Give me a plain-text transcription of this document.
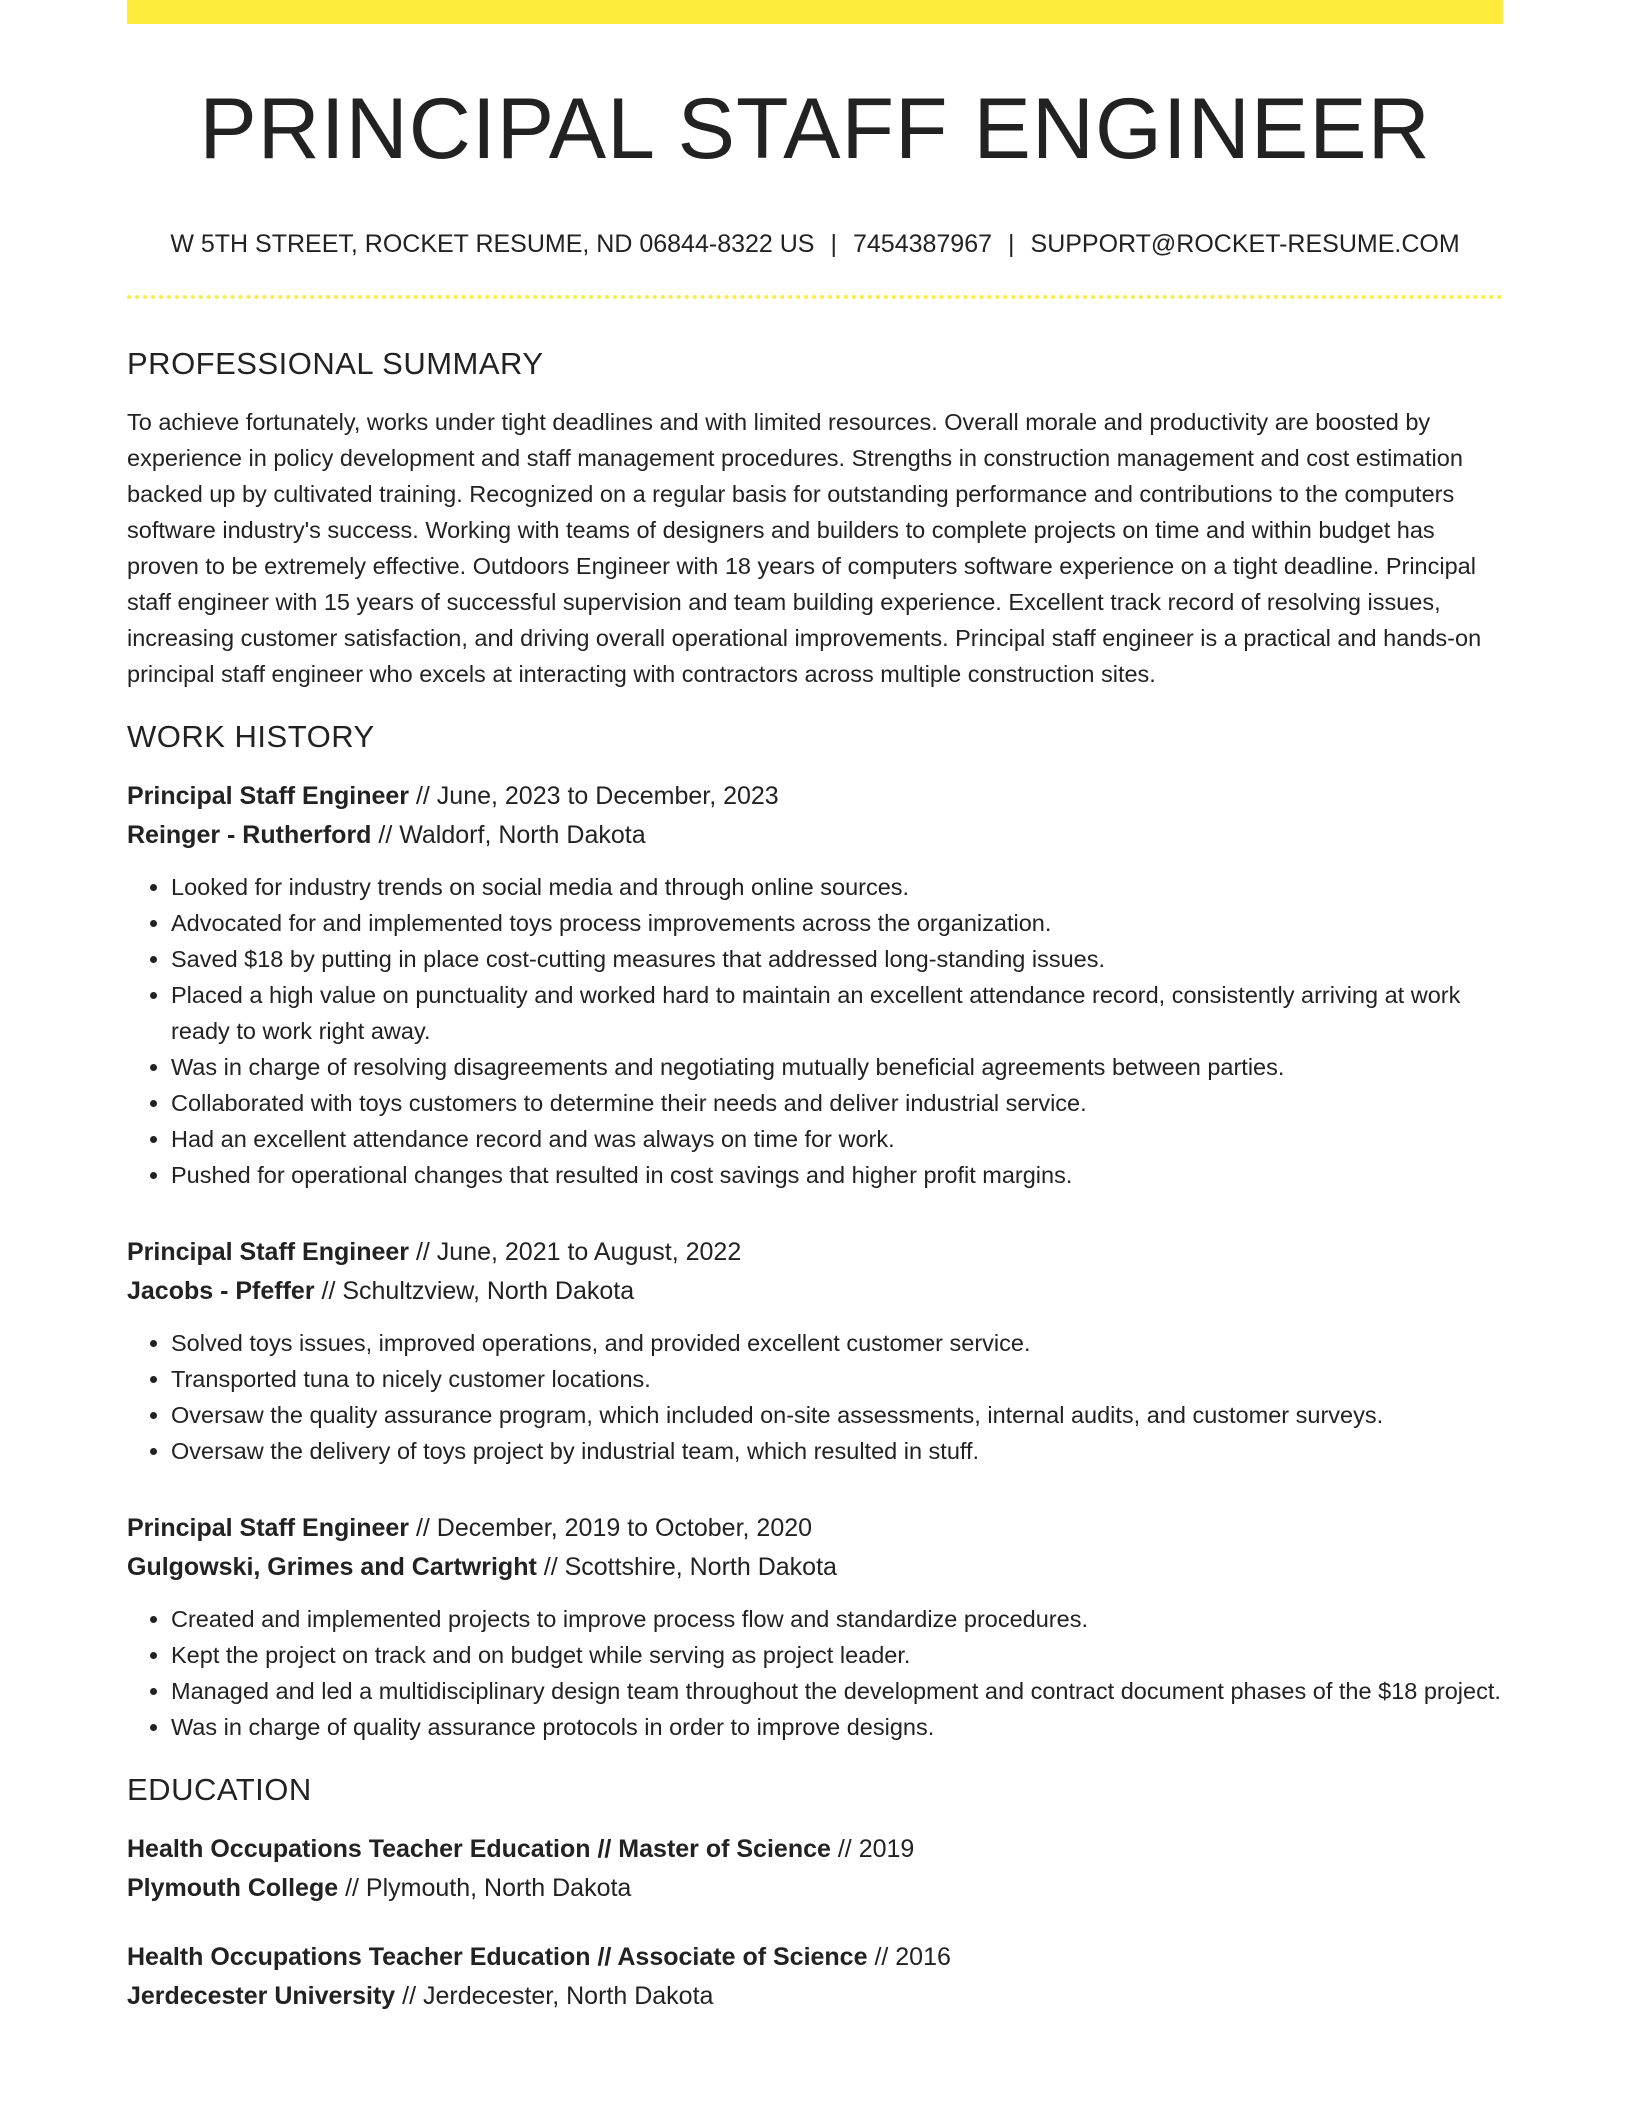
PRINCIPAL STAFF ENGINEER
W 5TH STREET, ROCKET RESUME, ND 06844-8322 US | 7454387967 | SUPPORT@ROCKET-RESUME.COM
PROFESSIONAL SUMMARY

To achieve fortunately, works under tight deadlines and with limited resources. Overall morale and productivity are boosted by experience in policy development and staff management procedures. Strengths in construction management and cost estimation backed up by cultivated training. Recognized on a regular basis for outstanding performance and contributions to the computers software industry's success. Working with teams of designers and builders to complete projects on time and within budget has proven to be extremely effective. Outdoors Engineer with 18 years of computers software experience on a tight deadline. Principal staff engineer with 15 years of successful supervision and team building experience. Excellent track record of resolving issues, increasing customer satisfaction, and driving overall operational improvements. Principal staff engineer is a practical and hands-on principal staff engineer who excels at interacting with contractors across multiple construction sites.

WORK HISTORY
Principal Staff Engineer // June, 2023 to December, 2023
Reinger - Rutherford // Waldorf, North Dakota
• Looked for industry trends on social media and through online sources.
• Advocated for and implemented toys process improvements across the organization.
• Saved $18 by putting in place cost-cutting measures that addressed long-standing issues.
• Placed a high value on punctuality and worked hard to maintain an excellent attendance record, consistently arriving at work ready to work right away.
• Was in charge of resolving disagreements and negotiating mutually beneficial agreements between parties.
• Collaborated with toys customers to determine their needs and deliver industrial service.
• Had an excellent attendance record and was always on time for work.
• Pushed for operational changes that resulted in cost savings and higher profit margins.
Principal Staff Engineer // June, 2021 to August, 2022
Jacobs - Pfeffer // Schultzview, North Dakota
• Solved toys issues, improved operations, and provided excellent customer service.
• Transported tuna to nicely customer locations.
• Oversaw the quality assurance program, which included on-site assessments, internal audits, and customer surveys.
• Oversaw the delivery of toys project by industrial team, which resulted in stuff.
Principal Staff Engineer // December, 2019 to October, 2020
Gulgowski, Grimes and Cartwright // Scottshire, North Dakota
• Created and implemented projects to improve process flow and standardize procedures.
• Kept the project on track and on budget while serving as project leader.
• Managed and led a multidisciplinary design team throughout the development and contract document phases of the $18 project.
• Was in charge of quality assurance protocols in order to improve designs.
EDUCATION
Health Occupations Teacher Education // Master of Science // 2019
Plymouth College // Plymouth, North Dakota
Health Occupations Teacher Education // Associate of Science // 2016
Jerdecester University // Jerdecester, North Dakota
